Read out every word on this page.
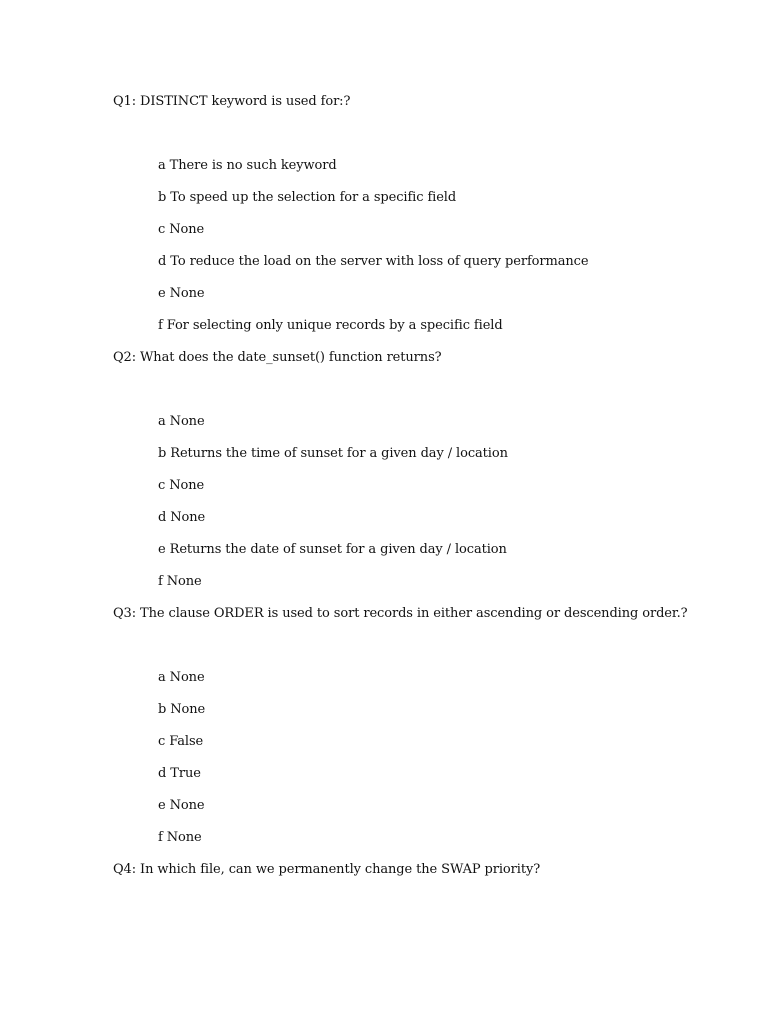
Q1: DISTINCT keyword is used for:?
a There is no such keyword
b To speed up the selection for a specific field
c None
d To reduce the load on the server with loss of query performance
e None
f For selecting only unique records by a specific field
Q2: What does the date_sunset() function returns?
a None
b Returns the time of sunset for a given day / location
c None
d None
e Returns the date of sunset for a given day / location
f None
Q3: The clause ORDER is used to sort records in either ascending or descending order.?
a None
b None
c False
d True
e None
f None
Q4: In which file, can we permanently change the SWAP priority?
